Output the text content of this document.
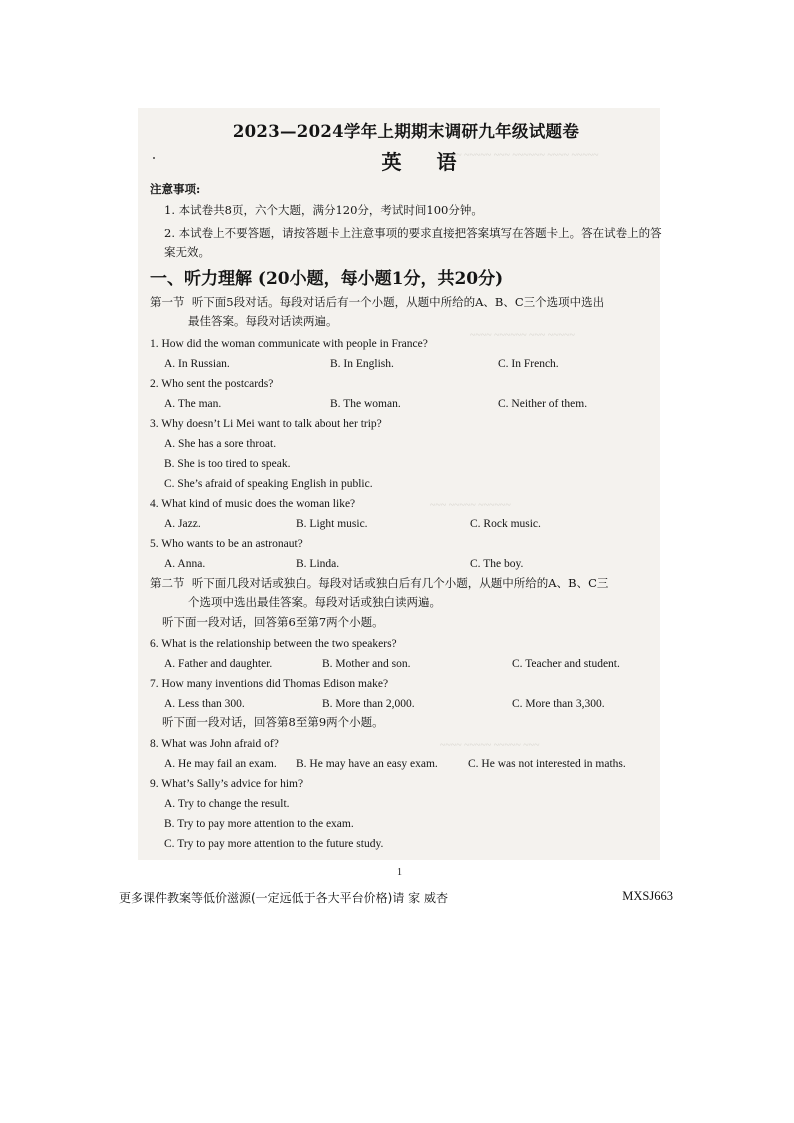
~~~~ ~~~~~ ~~~ ~~~~~~ ~~~~ ~~~~~
~~~~ ~~~~~~ ~~~ ~~~~~
~~~ ~~~~~ ~~~~~~
~~~~ ~~~~~ ~~~~~ ~~~
2023—2024学年上期期末调研九年级试题卷
英 语
注意事项:
1. 本试卷共8页，六个大题，满分120分，考试时间100分钟。
2. 本试卷上不要答题，请按答题卡上注意事项的要求直接把答案填写在答题卡上。答在试卷上的答案无效。
一、听力理解 (20小题，每小题1分，共20分)
第一节 听下面5段对话。每段对话后有一个小题，从题中所给的A、B、C三个选项中选出
最佳答案。每段对话读两遍。
1. How did the woman communicate with people in France?
A. In Russian.	B. In English.	C. In French.
2. Who sent the postcards?
A. The man.	B. The woman.	C. Neither of them.
3. Why doesn’t Li Mei want to talk about her trip?
A. She has a sore throat.
B. She is too tired to speak.
C. She’s afraid of speaking English in public.
4. What kind of music does the woman like?
A. Jazz.	B. Light music.	C. Rock music.
5. Who wants to be an astronaut?
A. Anna.	B. Linda.	C. The boy.
第二节 听下面几段对话或独白。每段对话或独白后有几个小题，从题中所给的A、B、C三
个选项中选出最佳答案。每段对话或独白读两遍。
听下面一段对话，回答第6至第7两个小题。
6. What is the relationship between the two speakers?
A. Father and daughter.	B. Mother and son.	C. Teacher and student.
7. How many inventions did Thomas Edison make?
A. Less than 300.	B. More than 2,000.	C. More than 3,300.
听下面一段对话，回答第8至第9两个小题。
8. What was John afraid of?
A. He may fail an exam.	B. He may have an easy exam.	C. He was not interested in maths.
9. What’s Sally’s advice for him?
A. Try to change the result.
B. Try to pay more attention to the exam.
C. Try to pay more attention to the future study.
1
更多课件教案等低价滋源(一定远低于各大平台价格)请 家 威杏	MXSJ663
